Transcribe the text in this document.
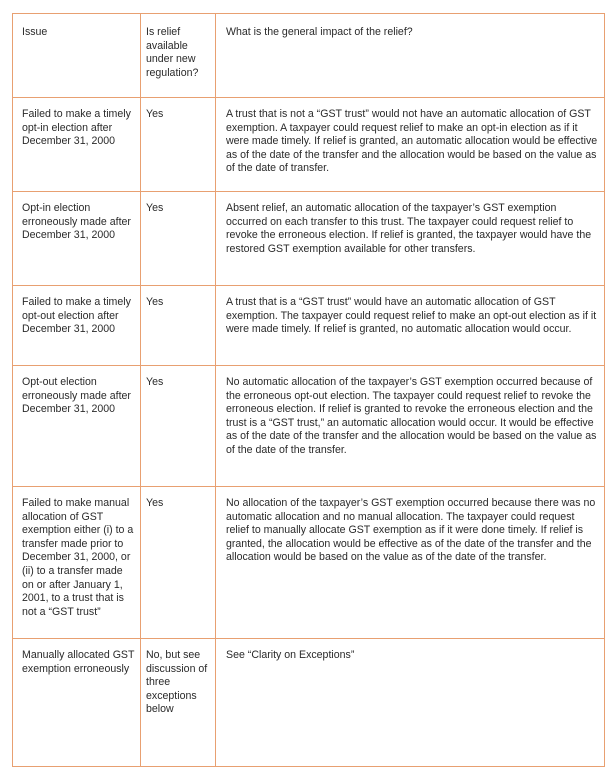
Issue	Is relief available under new regulation?	What is the general impact of the relief?

Failed to make a timely opt-in election after December 31, 2000	Yes	A trust that is not a “GST trust” would not have an automatic allocation of GST exemption. A taxpayer could request relief to make an opt-in election as if it were made timely. If relief is granted, an automatic allocation would be effective as of the date of the transfer and the allocation would be based on the value as of the date of transfer.

Opt-in election erroneously made after December 31, 2000	Yes	Absent relief, an automatic allocation of the taxpayer’s GST exemption occurred on each transfer to this trust. The taxpayer could request relief to revoke the erroneous election. If relief is granted, the taxpayer would have the restored GST exemption available for other transfers.

Failed to make a timely opt-out election after December 31, 2000	Yes	A trust that is a “GST trust” would have an automatic allocation of GST exemption. The taxpayer could request relief to make an opt-out election as if it were made timely. If relief is granted, no automatic allocation would occur.

Opt-out election erroneously made after December 31, 2000	Yes	No automatic allocation of the taxpayer’s GST exemption occurred because of the erroneous opt-out election. The taxpayer could request relief to revoke the erroneous election. If relief is granted to revoke the erroneous election and the trust is a “GST trust,” an automatic allocation would occur. It would be effective as of the date of the transfer and the allocation would be based on the value as of the date of the transfer.

Failed to make manual allocation of GST exemption either (i) to a transfer made prior to December 31, 2000, or (ii) to a transfer made on or after January 1, 2001, to a trust that is not a “GST trust”	Yes	No allocation of the taxpayer’s GST exemption occurred because there was no automatic allocation and no manual allocation. The taxpayer could request relief to manually allocate GST exemption as if it were done timely. If relief is granted, the allocation would be effective as of the date of the transfer and the allocation would be based on the value as of the date of the transfer.

Manually allocated GST exemption erroneously	No, but see discussion of three exceptions below	See “Clarity on Exceptions”
